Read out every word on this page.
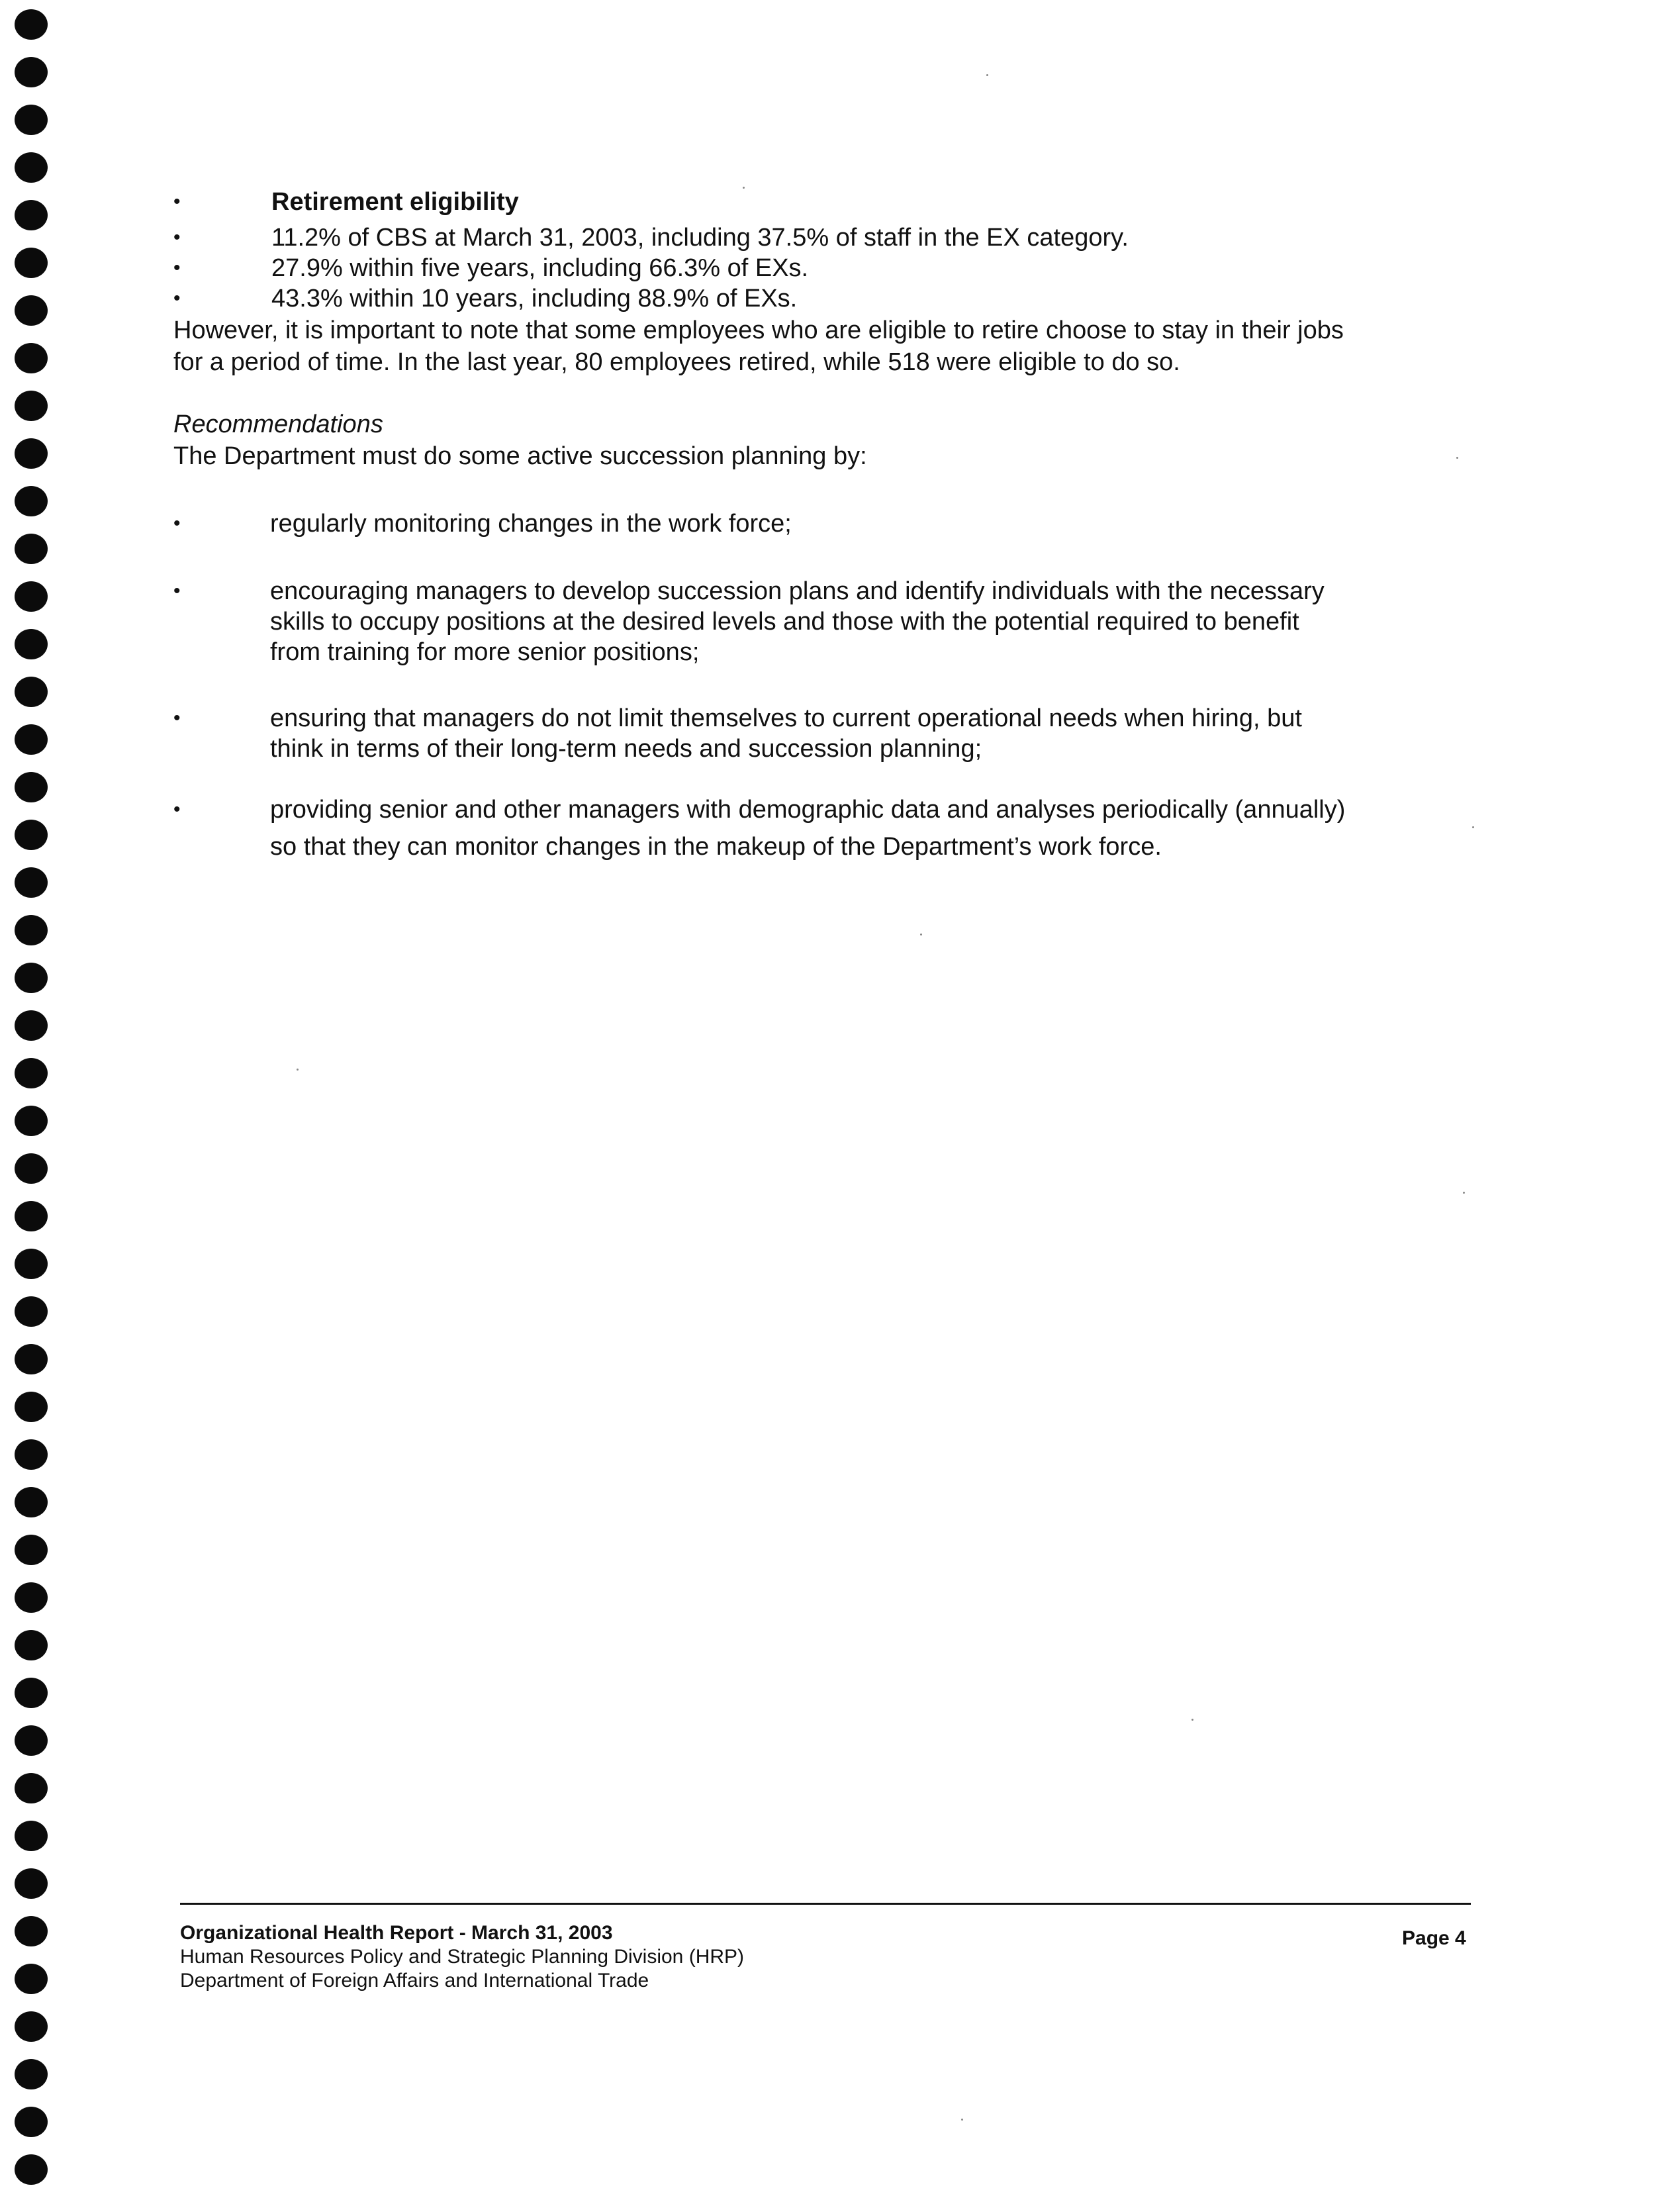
•	Retirement eligibility
•	11.2% of CBS at March 31, 2003, including 37.5% of staff in the EX category.
•	27.9% within five years, including 66.3% of EXs.
•	43.3% within 10 years, including 88.9% of EXs.
However, it is important to note that some employees who are eligible to retire choose to stay in their jobs
for a period of time. In the last year, 80 employees retired, while 518 were eligible to do so.
Recommendations
The Department must do some active succession planning by:
•	regularly monitoring changes in the work force;
•	encouraging managers to develop succession plans and identify individuals with the necessary
skills to occupy positions at the desired levels and those with the potential required to benefit
from training for more senior positions;
•	ensuring that managers do not limit themselves to current operational needs when hiring, but
think in terms of their long-term needs and succession planning;
•	providing senior and other managers with demographic data and analyses periodically (annually)
so that they can monitor changes in the makeup of the Department’s work force.
Organizational Health Report - March 31, 2003
Human Resources Policy and Strategic Planning Division (HRP)
Department of Foreign Affairs and International Trade
Page 4
